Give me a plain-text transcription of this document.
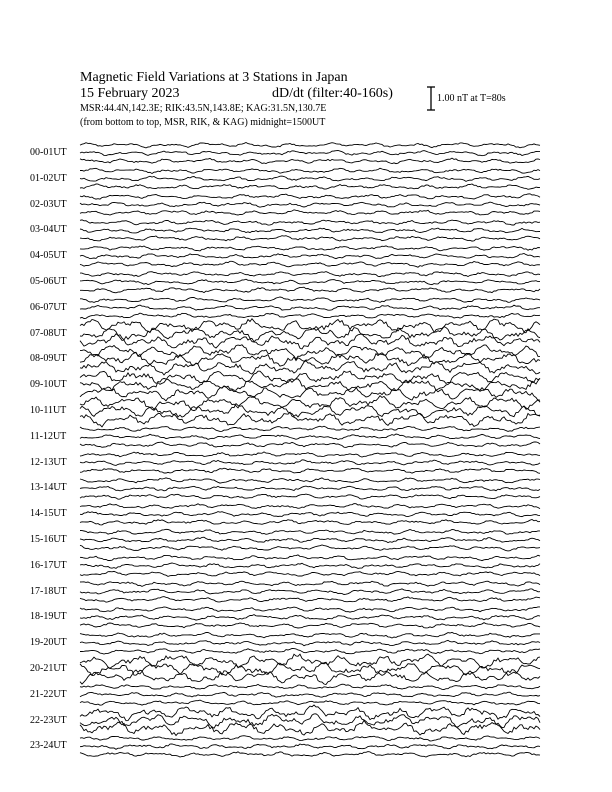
Magnetic Field Variations at 3 Stations in Japan
15 February 2023	dD/dt (filter:40-160s)
MSR:44.4N,142.3E; RIK:43.5N,143.8E; KAG:31.5N,130.7E
(from bottom to top, MSR, RIK, & KAG) midnight=1500UT
1.00 nT at T=80s
00-01UT
01-02UT
02-03UT
03-04UT
04-05UT
05-06UT
06-07UT
07-08UT
08-09UT
09-10UT
10-11UT
11-12UT
12-13UT
13-14UT
14-15UT
15-16UT
16-17UT
17-18UT
18-19UT
19-20UT
20-21UT
21-22UT
22-23UT
23-24UT
